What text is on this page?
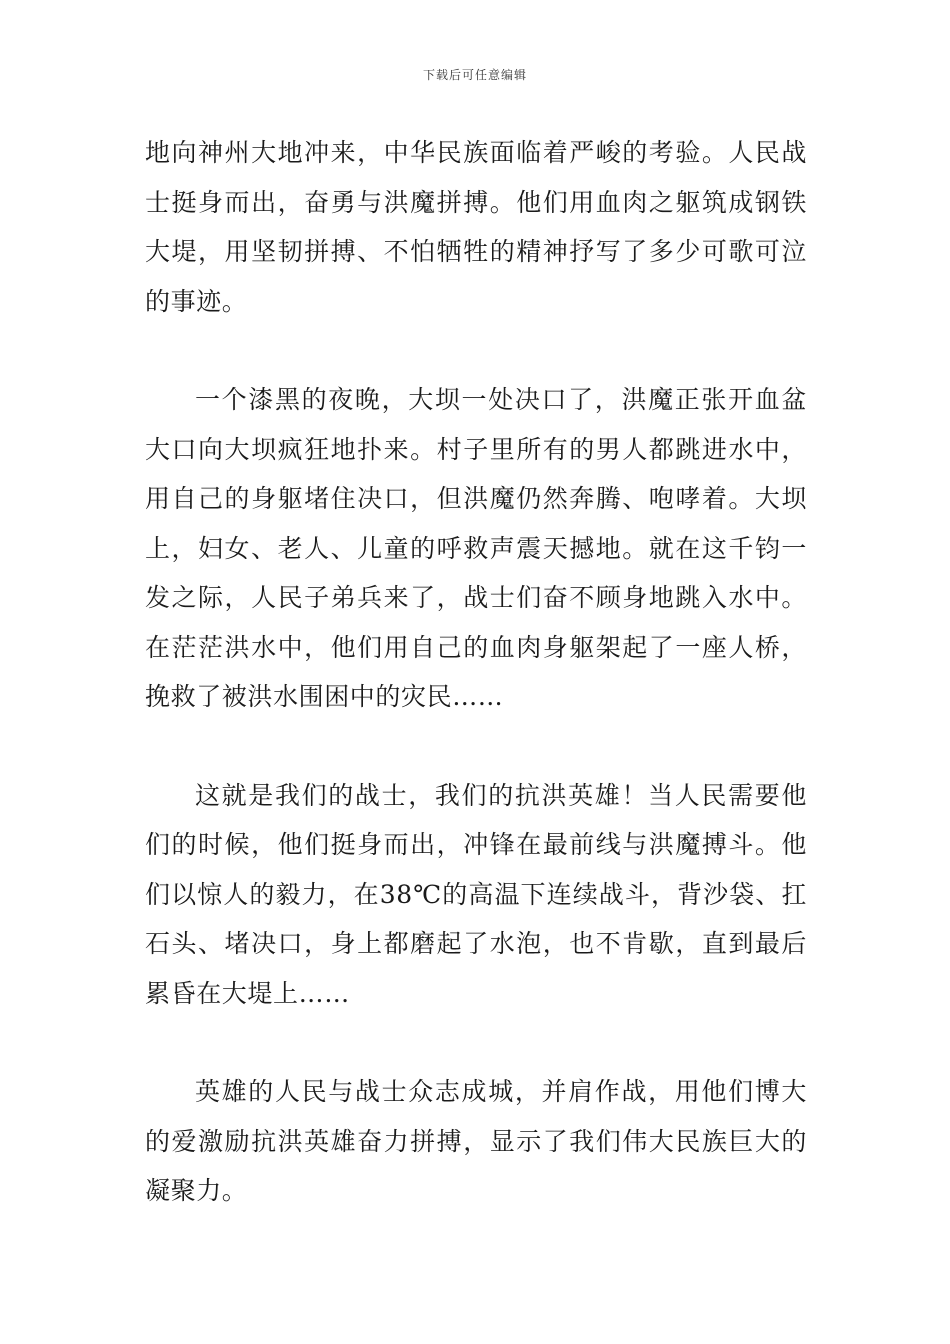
下载后可任意编辑

地向神州大地冲来，中华民族面临着严峻的考验。人民战士挺身而出，奋勇与洪魔拼搏。他们用血肉之躯筑成钢铁大堤，用坚韧拼搏、不怕牺牲的精神抒写了多少可歌可泣的事迹。

一个漆黑的夜晚，大坝一处决口了，洪魔正张开血盆大口向大坝疯狂地扑来。村子里所有的男人都跳进水中，用自己的身躯堵住决口，但洪魔仍然奔腾、咆哮着。大坝上，妇女、老人、儿童的呼救声震天撼地。就在这千钧一发之际，人民子弟兵来了，战士们奋不顾身地跳入水中。在茫茫洪水中，他们用自己的血肉身躯架起了一座人桥，挽救了被洪水围困中的灾民……

这就是我们的战士，我们的抗洪英雄！当人民需要他们的时候，他们挺身而出，冲锋在最前线与洪魔搏斗。他们以惊人的毅力，在38℃的高温下连续战斗，背沙袋、扛石头、堵决口，身上都磨起了水泡，也不肯歇，直到最后累昏在大堤上……

英雄的人民与战士众志成城，并肩作战，用他们博大的爱激励抗洪英雄奋力拼搏，显示了我们伟大民族巨大的凝聚力。
